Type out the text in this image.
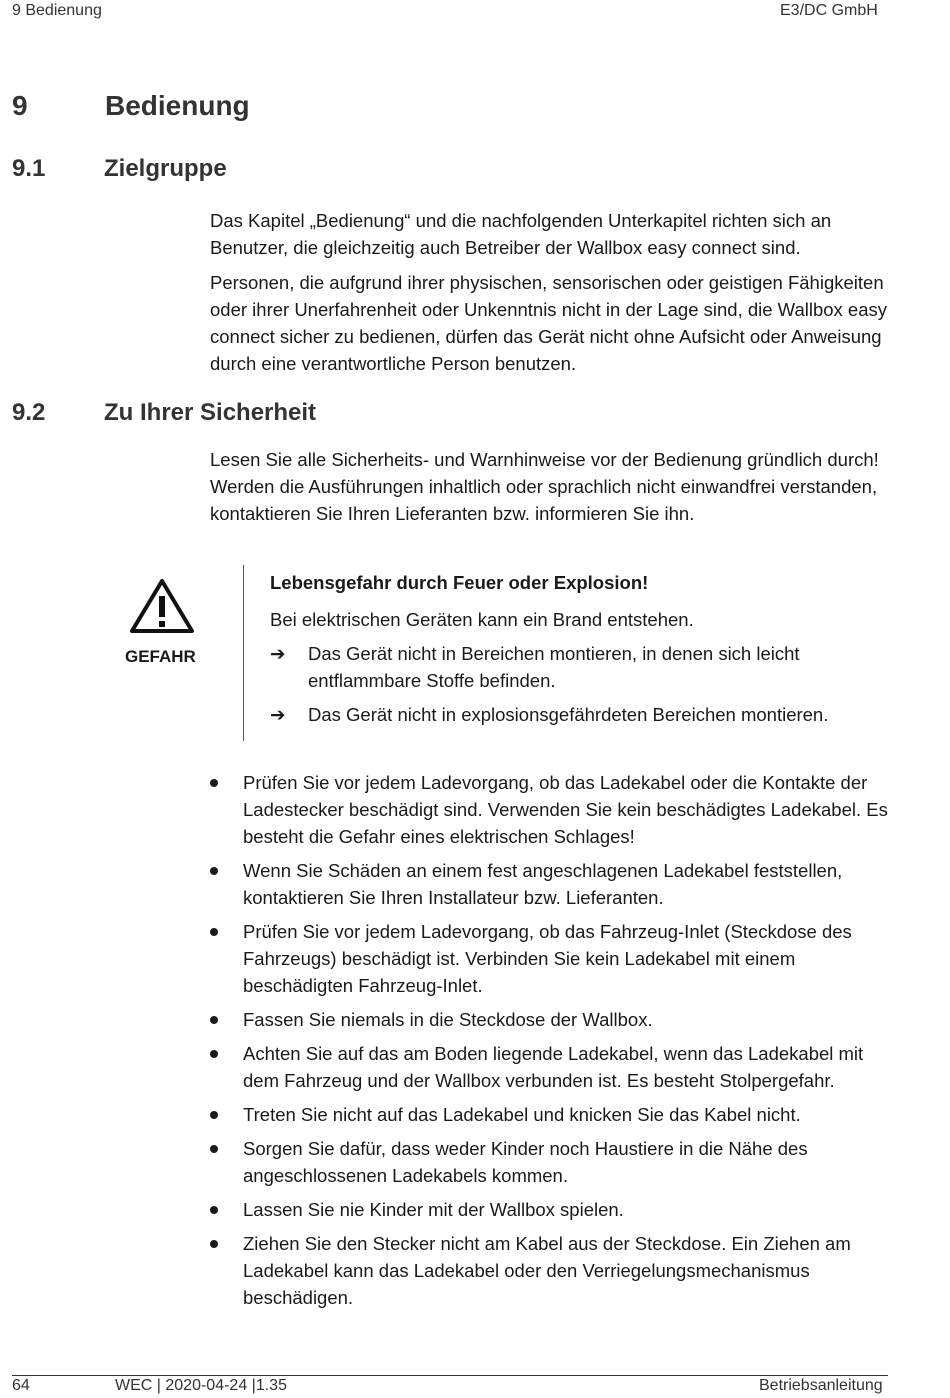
9 Bedienung	E3/DC GmbH
9	Bedienung
9.1 Zielgruppe

Das Kapitel „Bedienung“ und die nachfolgenden Unterkapitel richten sich an Benutzer, die gleichzeitig auch Betreiber der Wallbox easy connect sind.

Personen, die aufgrund ihrer physischen, sensorischen oder geistigen Fähigkeiten oder ihrer Unerfahrenheit oder Unkenntnis nicht in der Lage sind, die Wallbox easy connect sicher zu bedienen, dürfen das Gerät nicht ohne Aufsicht oder Anweisung durch eine verantwortliche Person benutzen.

9.2 Zu Ihrer Sicherheit
Lesen Sie alle Sicherheits- und Warnhinweise vor der Bedienung gründlich durch!
Werden die Ausführungen inhaltlich oder sprachlich nicht einwandfrei verstanden, kontaktieren Sie Ihren Lieferanten bzw. informieren Sie ihn.
GEFAHR
Lebensgefahr durch Feuer oder Explosion!
Bei elektrischen Geräten kann ein Brand entstehen.
➔ Das Gerät nicht in Bereichen montieren, in denen sich leicht entflammbare Stoffe befinden.
➔ Das Gerät nicht in explosionsgefährdeten Bereichen montieren.
Prüfen Sie vor jedem Ladevorgang, ob das Ladekabel oder die Kontakte der Ladestecker beschädigt sind. Verwenden Sie kein beschädigtes Ladekabel. Es besteht die Gefahr eines elektrischen Schlages!
Wenn Sie Schäden an einem fest angeschlagenen Ladekabel feststellen, kontaktieren Sie Ihren Installateur bzw. Lieferanten.
Prüfen Sie vor jedem Ladevorgang, ob das Fahrzeug-Inlet (Steckdose des Fahrzeugs) beschädigt ist. Verbinden Sie kein Ladekabel mit einem beschädigten Fahrzeug-Inlet.
Fassen Sie niemals in die Steckdose der Wallbox.
Achten Sie auf das am Boden liegende Ladekabel, wenn das Ladekabel mit dem Fahrzeug und der Wallbox verbunden ist. Es besteht Stolpergefahr.
Treten Sie nicht auf das Ladekabel und knicken Sie das Kabel nicht.
Sorgen Sie dafür, dass weder Kinder noch Haustiere in die Nähe des angeschlossenen Ladekabels kommen.
Lassen Sie nie Kinder mit der Wallbox spielen.
Ziehen Sie den Stecker nicht am Kabel aus der Steckdose. Ein Ziehen am Ladekabel kann das Ladekabel oder den Verriegelungsmechanismus beschädigen.
64	WEC | 2020-04-24 |1.35	Betriebsanleitung
